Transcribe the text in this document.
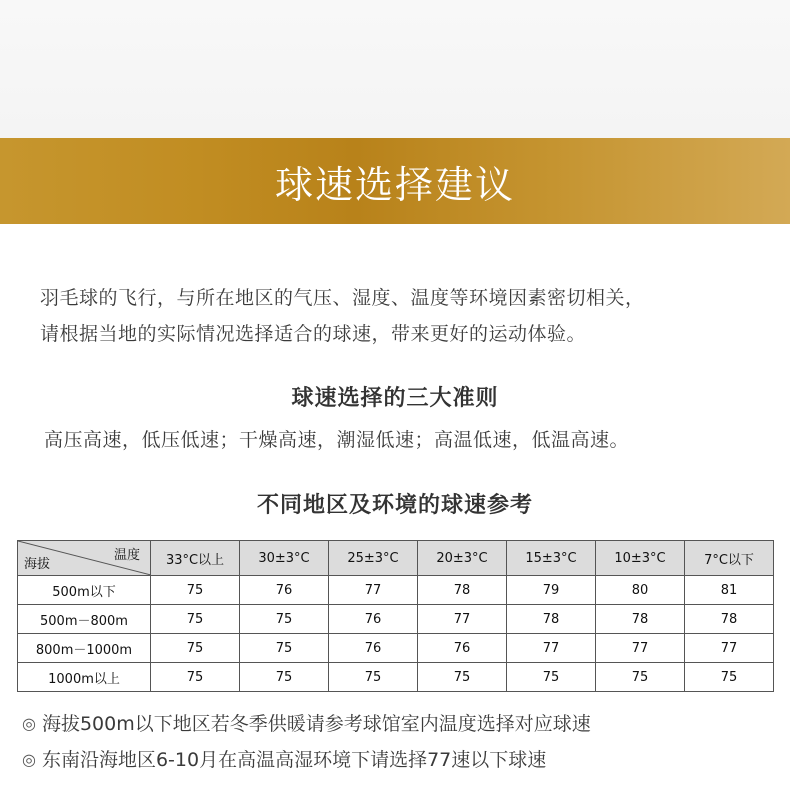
球速选择建议

羽毛球的飞行，与所在地区的气压、湿度、温度等环境因素密切相关，

请根据当地的实际情况选择适合的球速，带来更好的运动体验。

球速选择的三大准则
高压高速，低压低速；干燥高速，潮湿低速；高温低速，低温高速。
不同地区及环境的球速参考
温度
海拔	33°C以上	30±3°C	25±3°C	20±3°C	15±3°C	10±3°C	7°C以下
500m以下	75	76	77	78	79	80	81
500m－800m	75	75	76	77	78	78	78
800m－1000m	75	75	76	76	77	77	77
1000m以上	75	75	75	75	75	75	75
◎ 海拔500m以下地区若冬季供暖请参考球馆室内温度选择对应球速
◎ 东南沿海地区6-10月在高温高湿环境下请选择77速以下球速
